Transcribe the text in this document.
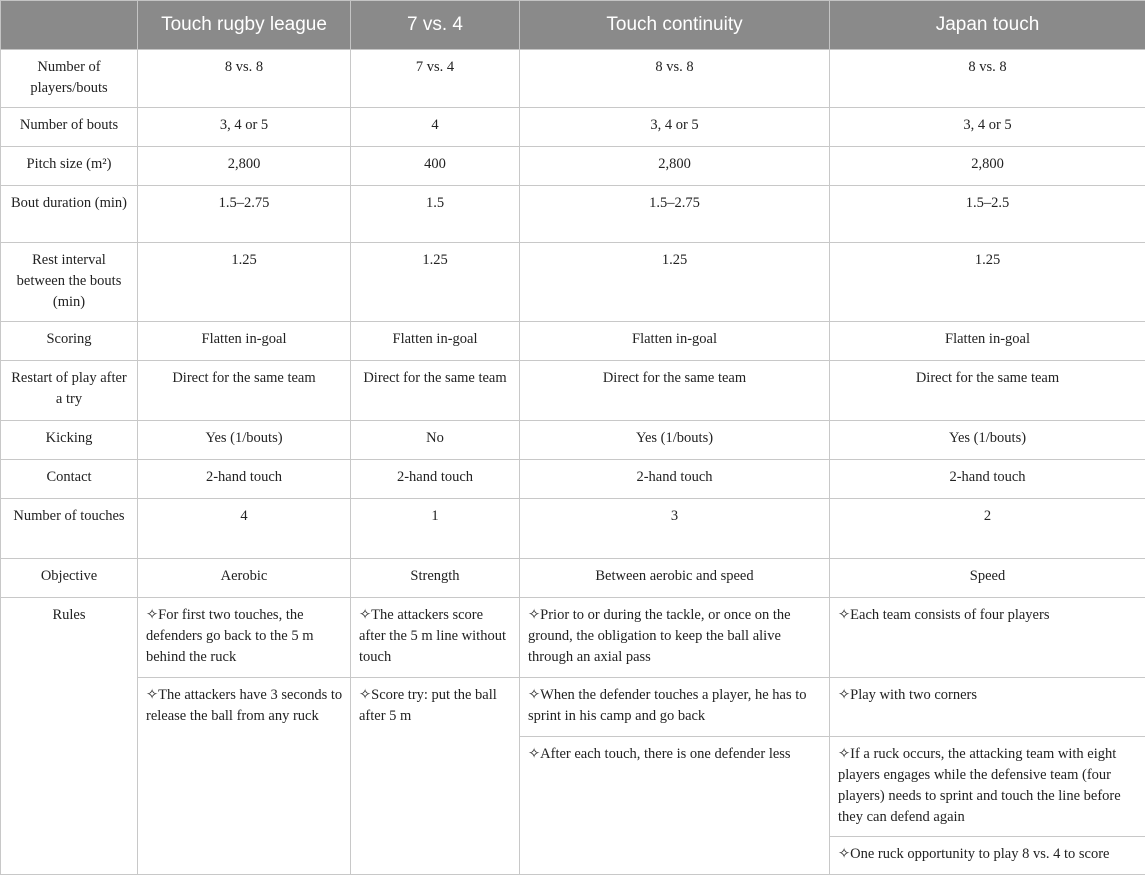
	Touch rugby league	7 vs. 4	Touch continuity	Japan touch
Number of players/bouts	8 vs. 8	7 vs. 4	8 vs. 8	8 vs. 8
Number of bouts	3, 4 or 5	4	3, 4 or 5	3, 4 or 5
Pitch size (m²)	2,800	400	2,800	2,800
Bout duration (min)	1.5–2.75	1.5	1.5–2.75	1.5–2.5
Rest interval between the bouts (min)	1.25	1.25	1.25	1.25
Scoring	Flatten in-goal	Flatten in-goal	Flatten in-goal	Flatten in-goal
Restart of play after a try	Direct for the same team	Direct for the same team	Direct for the same team	Direct for the same team
Kicking	Yes (1/bouts)	No	Yes (1/bouts)	Yes (1/bouts)
Contact	2-hand touch	2-hand touch	2-hand touch	2-hand touch
Number of touches	4	1	3	2
Objective	Aerobic	Strength	Between aerobic and speed	Speed
Rules	✧For first two touches, the defenders go back to the 5 m behind the ruck	✧The attackers score after the 5 m line without touch	✧Prior to or during the tackle, or once on the ground, the obligation to keep the ball alive through an axial pass	✧Each team consists of four players
	✧The attackers have 3 seconds to release the ball from any ruck	✧Score try: put the ball after 5 m	✧When the defender touches a player, he has to sprint in his camp and go back	✧Play with two corners
			✧After each touch, there is one defender less	✧If a ruck occurs, the attacking team with eight players engages while the defensive team (four players) needs to sprint and touch the line before they can defend again
				✧One ruck opportunity to play 8 vs. 4 to score
